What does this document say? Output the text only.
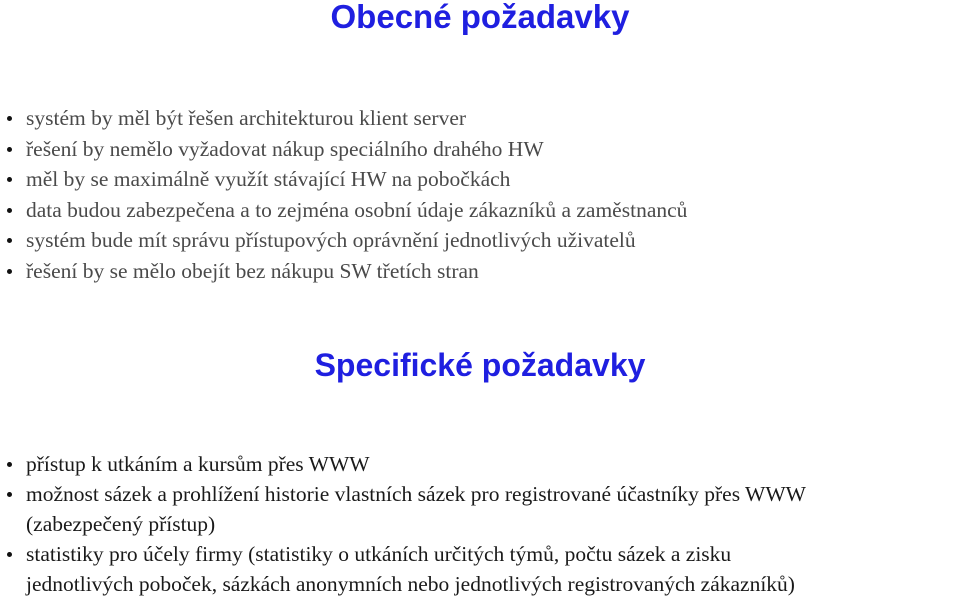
Obecné požadavky
systém by měl být řešen architekturou klient server
řešení by nemělo vyžadovat nákup speciálního drahého HW
měl by se maximálně využít stávající HW na pobočkách
data budou zabezpečena a to zejména osobní údaje zákazníků a zaměstnanců
systém bude mít správu přístupových oprávnění jednotlivých uživatelů
řešení by se mělo obejít bez nákupu SW třetích stran
Specifické požadavky
přístup k utkáním a kursům přes WWW
možnost sázek a prohlížení historie vlastních sázek pro registrované účastníky přes WWW
(zabezpečený přístup)
statistiky pro účely firmy (statistiky o utkáních určitých týmů, počtu sázek a zisku
jednotlivých poboček, sázkách anonymních nebo jednotlivých registrovaných zákazníků)
